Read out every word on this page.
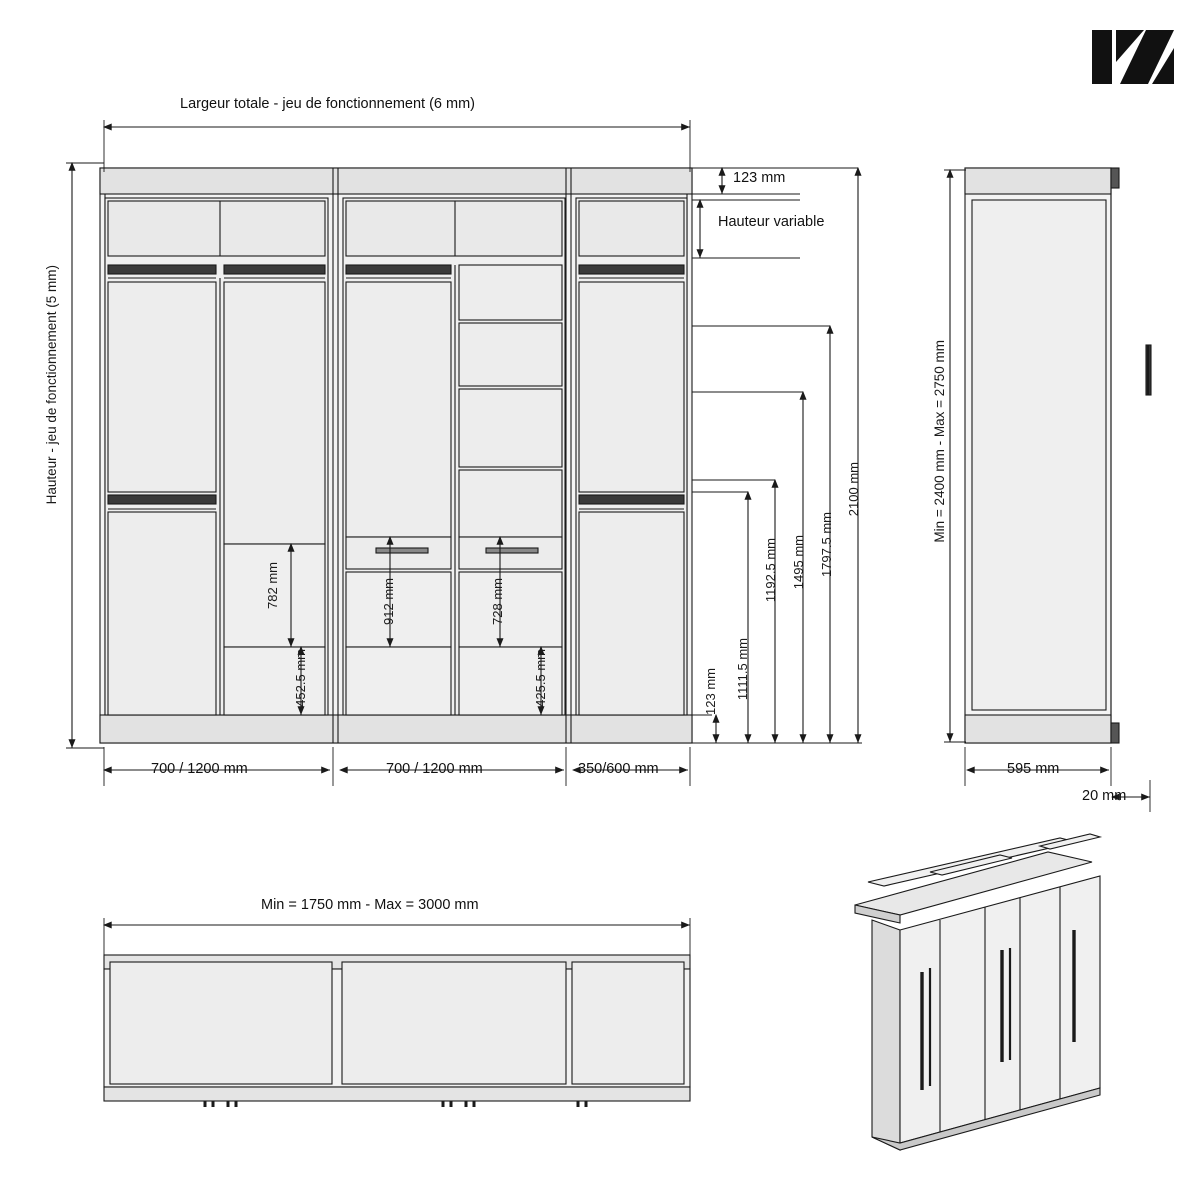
Largeur totale - jeu de fonctionnement (6 mm)
Hauteur - jeu de fonctionnement (5 mm)
123 mm
Hauteur variable
123 mm 1111.5 mm
1192.5 mm 1495 mm 1797.5 mm
2100 mm
782 mm
452.5 mm
912 mm	728 mm
425.5 mm
700 / 1200 mm	700 / 1200 mm	350/600 mm
Min = 2400 mm - Max = 2750 mm
595 mm
20 mm
Min = 1750 mm - Max = 3000 mm
